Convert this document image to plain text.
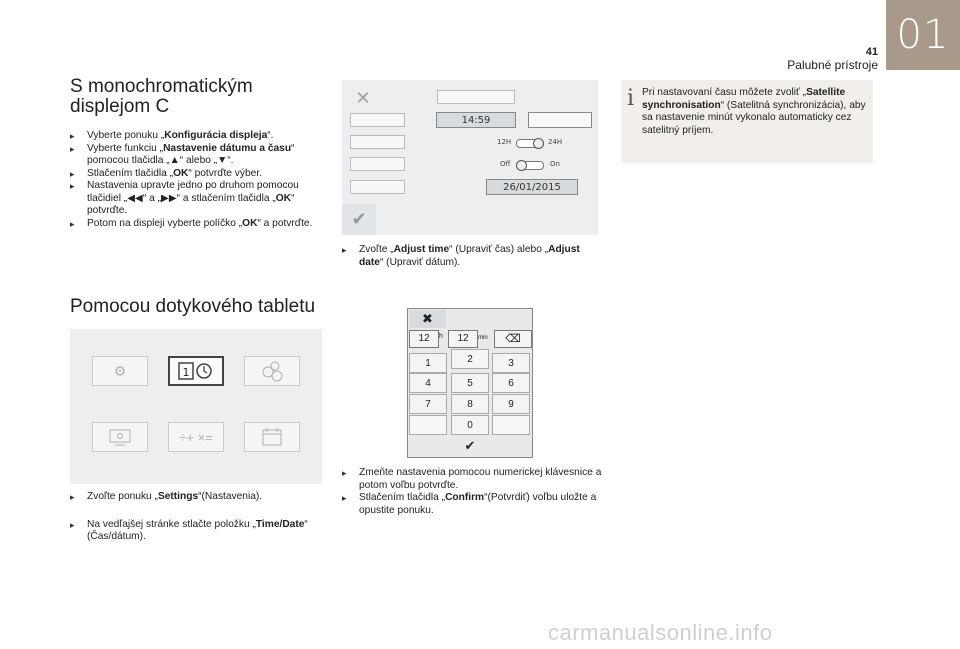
01
41
Palubné prístroje
S monochromatickým
displejom C
▸ Vyberte ponuku „Konfigurácia displeja“.
▸ Vyberte funkciu „Nastavenie dátumu a času“ pomocou tlačidla „▲“ alebo „▼“.
▸ Stlačením tlačidla „OK“ potvrďte výber.
▸ Nastavenia upravte jedno po druhom pomocou tlačidiel „◀◀“ a „▶▶“ a stlačením tlačidla „OK“ potvrďte.
▸ Potom na displeji vyberte políčko „OK“ a potvrďte.
Pomocou dotykového tabletu
⚙	1
÷+ ×=
▸ Zvoľte ponuku „Settings“(Nastavenia).
▸ Na vedľajšej stránke stlačte položku „Time/Date“ (Čas/dátum).
✕
14:59
12H	24H
Off	On
26/01/2015
✔
▸ Zvoľte „Adjust time“ (Upraviť čas) alebo „Adjust date“ (Upraviť dátum).
✖
12	h	12	min	⌫
1	2	3
4	5	6
7	8	9
0
✔
▸ Zmeňte nastavenia pomocou numerickej klávesnice a potom voľbu potvrďte.
▸ Stlačením tlačidla „Confirm“(Potvrdiť) voľbu uložte a opustite ponuku.
i Pri nastavovaní času môžete zvoliť „Satellite synchronisation“ (Satelitná synchronizácia), aby sa nastavenie minút vykonalo automaticky cez satelitný príjem.
carmanualsonline.info
